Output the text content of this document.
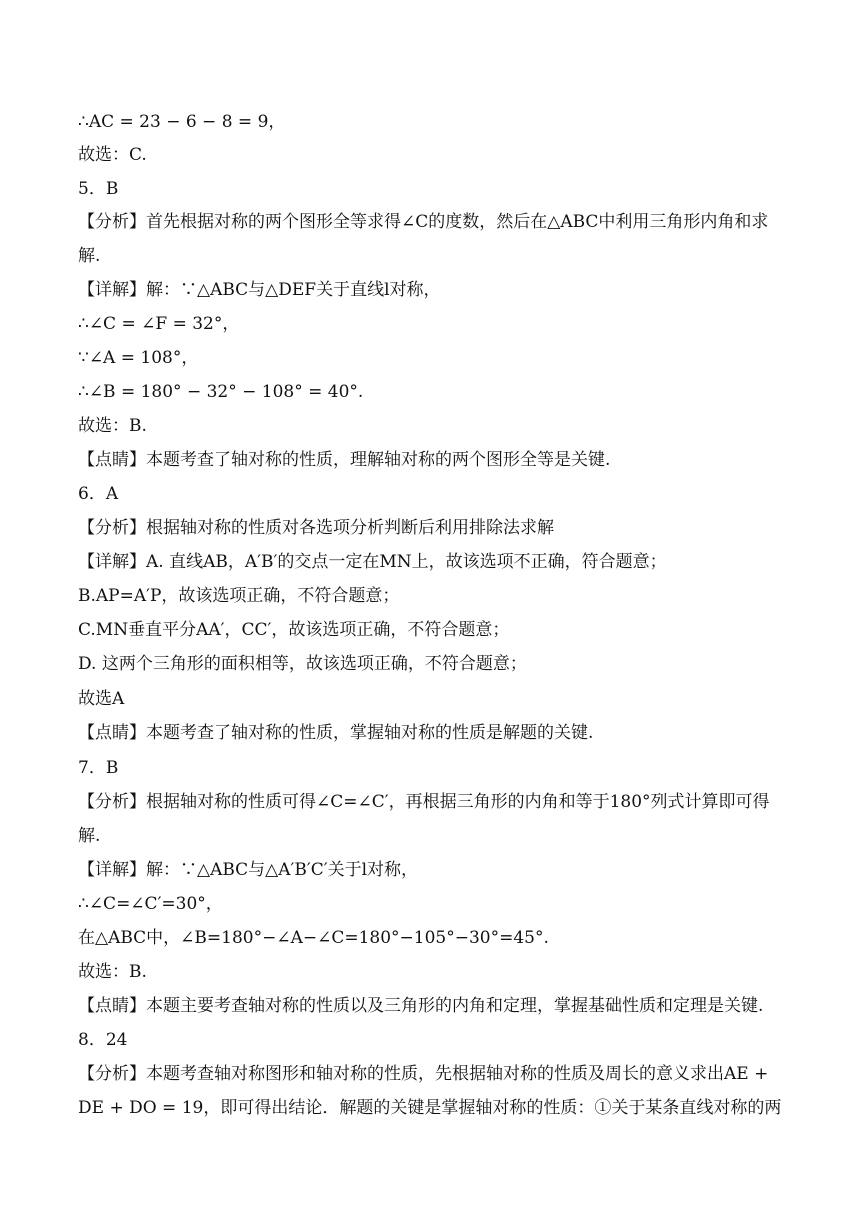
∴AC = 23 − 6 − 8 = 9，
故选：C.
5．B
【分析】首先根据对称的两个图形全等求得∠C的度数，然后在△ABC中利用三角形内角和求
解.
【详解】解：∵△ABC与△DEF关于直线l对称，
∴∠C = ∠F = 32°，
∵∠A = 108°，
∴∠B = 180° − 32° − 108° = 40°.
故选：B.
【点睛】本题考查了轴对称的性质，理解轴对称的两个图形全等是关键.
6．A
【分析】根据轴对称的性质对各选项分析判断后利用排除法求解
【详解】A. 直线AB，A′B′的交点一定在MN上，故该选项不正确，符合题意；
B.AP=A′P，故该选项正确，不符合题意；
C.MN垂直平分AA′，CC′，故该选项正确，不符合题意；
D. 这两个三角形的面积相等，故该选项正确，不符合题意；
故选A
【点睛】本题考查了轴对称的性质，掌握轴对称的性质是解题的关键.
7．B
【分析】根据轴对称的性质可得∠C=∠C′，再根据三角形的内角和等于180°列式计算即可得
解.
【详解】解：∵△ABC与△A′B′C′关于l对称，
∴∠C=∠C′=30°，
在△ABC中，∠B=180°−∠A−∠C=180°−105°−30°=45°.
故选：B.
【点睛】本题主要考查轴对称的性质以及三角形的内角和定理，掌握基础性质和定理是关键.
8．24
【分析】本题考查轴对称图形和轴对称的性质，先根据轴对称的性质及周长的意义求出AE +
DE + DO = 19，即可得出结论．解题的关键是掌握轴对称的性质：①关于某条直线对称的两
